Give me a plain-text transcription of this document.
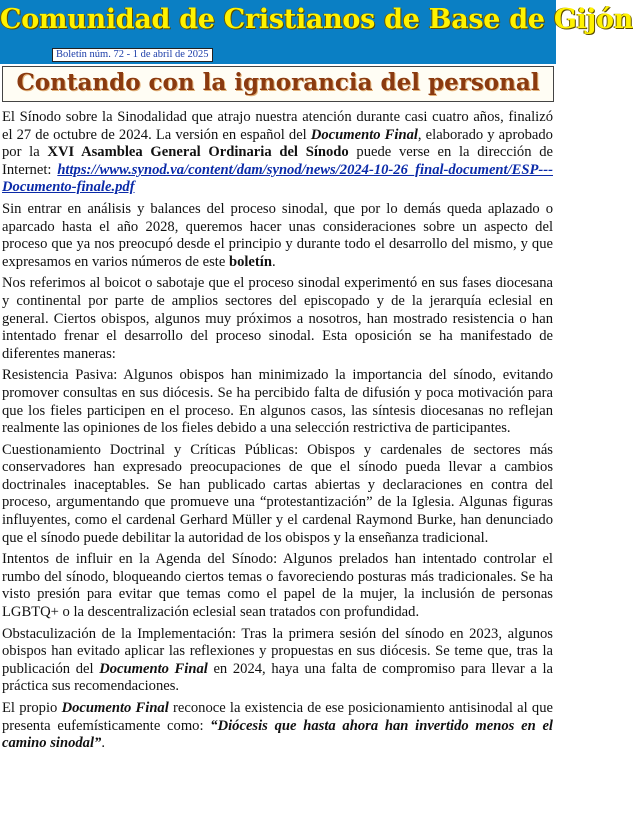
Comunidad de Cristianos de Base de Gijón
Boletín núm. 72 - 1 de abril de 2025
Contando con la ignorancia del personal

El Sínodo sobre la Sinodalidad que atrajo nuestra atención durante casi cuatro años, finalizó el 27 de octubre de 2024. La versión en español del Documento Final, elaborado y aprobado por la XVI Asamblea General Ordinaria del Sínodo puede verse en la dirección de Internet: https://www.synod.va/content/dam/synod/news/2024-10-26_final-document/ESP---Documento-finale.pdf

Sin entrar en análisis y balances del proceso sinodal, que por lo demás queda aplazado o aparcado hasta el año 2028, queremos hacer unas consideraciones sobre un aspecto del proceso que ya nos preocupó desde el principio y durante todo el desarrollo del mismo, y que expresamos en varios números de este boletín.

Nos referimos al boicot o sabotaje que el proceso sinodal experimentó en sus fases diocesana y continental por parte de amplios sectores del episcopado y de la jerarquía eclesial en general. Ciertos obispos, algunos muy próximos a nosotros, han mostrado resistencia o han intentado frenar el desarrollo del proceso sinodal. Esta oposición se ha manifestado de diferentes maneras:

Resistencia Pasiva: Algunos obispos han minimizado la importancia del sínodo, evitando promover consultas en sus diócesis. Se ha percibido falta de difusión y poca motivación para que los fieles participen en el proceso. En algunos casos, las síntesis diocesanas no reflejan realmente las opiniones de los fieles debido a una selección restrictiva de participantes.

Cuestionamiento Doctrinal y Críticas Públicas: Obispos y cardenales de sectores más conservadores han expresado preocupaciones de que el sínodo pueda llevar a cambios doctrinales inaceptables. Se han publicado cartas abiertas y declaraciones en contra del proceso, argumentando que promueve una “protestantización” de la Iglesia. Algunas figuras influyentes, como el cardenal Gerhard Müller y el cardenal Raymond Burke, han denunciado que el sínodo puede debilitar la autoridad de los obispos y la enseñanza tradicional.

Intentos de influir en la Agenda del Sínodo: Algunos prelados han intentado controlar el rumbo del sínodo, bloqueando ciertos temas o favoreciendo posturas más tradicionales. Se ha visto presión para evitar que temas como el papel de la mujer, la inclusión de personas LGBTQ+ o la descentralización eclesial sean tratados con profundidad.

Obstaculización de la Implementación: Tras la primera sesión del sínodo en 2023, algunos obispos han evitado aplicar las reflexiones y propuestas en sus diócesis. Se teme que, tras la publicación del Documento Final en 2024, haya una falta de compromiso para llevar a la práctica sus recomendaciones.

El propio Documento Final reconoce la existencia de ese posicionamiento antisinodal al que presenta eufemísticamente como: “Diócesis que hasta ahora han invertido menos en el camino sinodal”.
